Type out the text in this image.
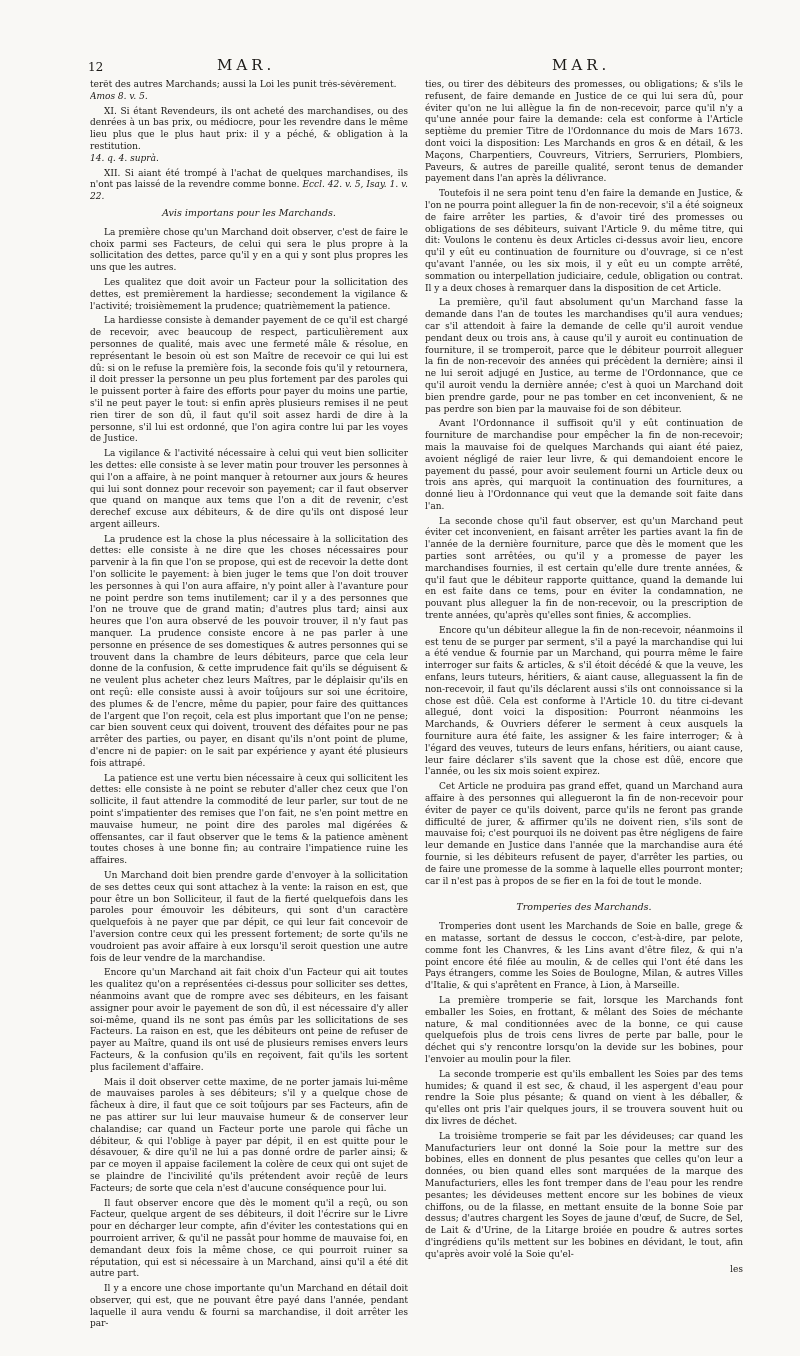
12	MAR.	MAR.

terêt des autres Marchands; aussi la Loi les punit très-sévèrement.
Amos 8. v. 5.

XI. Si étant Revendeurs, ils ont acheté des marchandises, ou des denrées à un bas prix, ou médiocre, pour les revendre dans le même lieu plus que le plus haut prix: il y a péché, & obligation à la restitution.
14. q. 4. suprà.

XII. Si aiant été trompé à l'achat de quelques marchandises, ils n'ont pas laissé de la revendre comme bonne. Eccl. 42. v. 5, Isay. 1. v. 22.

Avis importans pour les Marchands.

La première chose qu'un Marchand doit observer, c'est de faire le choix parmi ses Facteurs, de celui qui sera le plus propre à la sollicitation des dettes, parce qu'il y en a qui y sont plus propres les uns que les autres.

Les qualitez que doit avoir un Facteur pour la sollicitation des dettes, est premièrement la hardiesse; secondement la vigilance & l'activité; troisièmement la prudence; quatrièmement la patience.

La hardiesse consiste à demander payement de ce qu'il est chargé de recevoir, avec beaucoup de respect, particulièrement aux personnes de qualité, mais avec une fermeté mâle & résolue, en représentant le besoin où est son Maître de recevoir ce qui lui est dû: si on le refuse la première fois, la seconde fois qu'il y retournera, il doit presser la personne un peu plus fortement par des paroles qui le puissent porter à faire des efforts pour payer du moins une partie, s'il ne peut payer le tout: si enfin après plusieurs remises il ne peut rien tirer de son dû, il faut qu'il soit assez hardi de dire à la personne, s'il lui est ordonné, que l'on agira contre lui par les voyes de Justice.

La vigilance & l'activité nécessaire à celui qui veut bien solliciter les dettes: elle consiste à se lever matin pour trouver les personnes à qui l'on a affaire, à ne point manquer à retourner aux jours & heures qui lui sont donnez pour recevoir son payement; car il faut observer que quand on manque aux tems que l'on a dit de revenir, c'est derechef excuse aux débiteurs, & de dire qu'ils ont disposé leur argent ailleurs.

La prudence est la chose la plus nécessaire à la sollicitation des dettes: elle consiste à ne dire que les choses nécessaires pour parvenir à la fin que l'on se propose, qui est de recevoir la dette dont l'on sollicite le payement: à bien juger le tems que l'on doit trouver les personnes à qui l'on aura affaire, n'y point aller à l'avanture pour ne point perdre son tems inutilement; car il y a des personnes que l'on ne trouve que de grand matin; d'autres plus tard; ainsi aux heures que l'on aura observé de les pouvoir trouver, il n'y faut pas manquer. La prudence consiste encore à ne pas parler à une personne en présence de ses domestiques & autres personnes qui se trouvent dans la chambre de leurs débiteurs, parce que cela leur donne de la confusion, & cette imprudence fait qu'ils se déguisent & ne veulent plus acheter chez leurs Maîtres, par le déplaisir qu'ils en ont reçû: elle consiste aussi à avoir toûjours sur soi une écritoire, des plumes & de l'encre, même du papier, pour faire des quittances de l'argent que l'on reçoit, cela est plus important que l'on ne pense; car bien souvent ceux qui doivent, trouvent des défaites pour ne pas arrêter des parties, ou payer, en disant qu'ils n'ont point de plume, d'encre ni de papier: on le sait par expérience y ayant été plusieurs fois attrapé.

La patience est une vertu bien nécessaire à ceux qui sollicitent les dettes: elle consiste à ne point se rebuter d'aller chez ceux que l'on sollicite, il faut attendre la commodité de leur parler, sur tout de ne point s'impatienter des remises que l'on fait, ne s'en point mettre en mauvaise humeur, ne point dire des paroles mal digérées & offensantes, car il faut observer que le tems & la patience amènent toutes choses à une bonne fin; au contraire l'impatience ruine les affaires.

Un Marchand doit bien prendre garde d'envoyer à la sollicitation de ses dettes ceux qui sont attachez à la vente: la raison en est, que pour être un bon Solliciteur, il faut de la fierté quelquefois dans les paroles pour émouvoir les débiteurs, qui sont d'un caractère quelquefois à ne payer que par dépit, ce qui leur fait concevoir de l'aversion contre ceux qui les pressent fortement; de sorte qu'ils ne voudroient pas avoir affaire à eux lorsqu'il seroit question une autre fois de leur vendre de la marchandise.

Encore qu'un Marchand ait fait choix d'un Facteur qui ait toutes les qualitez qu'on a représentées ci-dessus pour solliciter ses dettes, néanmoins avant que de rompre avec ses débiteurs, en les faisant assigner pour avoir le payement de son dû, il est nécessaire d'y aller soi-même, quand ils ne sont pas émûs par les sollicitations de ses Facteurs. La raison en est, que les débiteurs ont peine de refuser de payer au Maître, quand ils ont usé de plusieurs remises envers leurs Facteurs, & la confusion qu'ils en reçoivent, fait qu'ils les sortent plus facilement d'affaire.

Mais il doit observer cette maxime, de ne porter jamais lui-même de mauvaises paroles à ses débiteurs; s'il y a quelque chose de fâcheux à dire, il faut que ce soit toûjours par ses Facteurs, afin de ne pas attirer sur lui leur mauvaise humeur & de conserver leur chalandise; car quand un Facteur porte une parole qui fâche un débiteur, & qui l'oblige à payer par dépit, il en est quitte pour le désavouer, & dire qu'il ne lui a pas donné ordre de parler ainsi; & par ce moyen il appaise facilement la colère de ceux qui ont sujet de se plaindre de l'incivilité qu'ils prétendent avoir reçûë de leurs Facteurs; de sorte que cela n'est d'aucune conséquence pour lui.

Il faut observer encore que dès le moment qu'il a reçû, ou son Facteur, quelque argent de ses débiteurs, il doit l'écrire sur le Livre pour en décharger leur compte, afin d'éviter les contestations qui en pourroient arriver, & qu'il ne passât pour homme de mauvaise foi, en demandant deux fois la même chose, ce qui pourroit ruiner sa réputation, qui est si nécessaire à un Marchand, ainsi qu'il a été dit autre part.

Il y a encore une chose importante qu'un Marchand en détail doit observer, qui est, que ne pouvant être payé dans l'année, pendant laquelle il aura vendu & fourni sa marchandise, il doit arrêter les par-

ties, ou tirer des débiteurs des promesses, ou obligations; & s'ils le refusent, de faire demande en Justice de ce qui lui sera dû, pour éviter qu'on ne lui allègue la fin de non-recevoir, parce qu'il n'y a qu'une année pour faire la demande: cela est conforme à l'Article septième du premier Titre de l'Ordonnance du mois de Mars 1673. dont voici la disposition: Les Marchands en gros & en détail, & les Maçons, Charpentiers, Couvreurs, Vitriers, Serruriers, Plombiers, Paveurs, & autres de pareille qualité, seront tenus de demander payement dans l'an après la délivrance.

Toutefois il ne sera point tenu d'en faire la demande en Justice, & l'on ne pourra point alleguer la fin de non-recevoir, s'il a été soigneux de faire arrêter les parties, & d'avoir tiré des promesses ou obligations de ses débiteurs, suivant l'Article 9. du même titre, qui dit: Voulons le contenu ès deux Articles ci-dessus avoir lieu, encore qu'il y eût eu continuation de fourniture ou d'ouvrage, si ce n'est qu'avant l'année, ou les six mois, il y eût eu un compte arrêté, sommation ou interpellation judiciaire, cedule, obligation ou contrat. Il y a deux choses à remarquer dans la disposition de cet Article.

La première, qu'il faut absolument qu'un Marchand fasse la demande dans l'an de toutes les marchandises qu'il aura vendues; car s'il attendoit à faire la demande de celle qu'il auroit vendue pendant deux ou trois ans, à cause qu'il y auroit eu continuation de fourniture, il se tromperoit, parce que le débiteur pourroit alleguer la fin de non-recevoir des années qui précèdent la dernière; ainsi il ne lui seroit adjugé en Justice, au terme de l'Ordonnance, que ce qu'il auroit vendu la dernière année; c'est à quoi un Marchand doit bien prendre garde, pour ne pas tomber en cet inconvenient, & ne pas perdre son bien par la mauvaise foi de son débiteur.

Avant l'Ordonnance il suffisoit qu'il y eût continuation de fourniture de marchandise pour empêcher la fin de non-recevoir; mais la mauvaise foi de quelques Marchands qui aiant été paiez, avoient négligé de raier leur livre, & qui demandoient encore le payement du passé, pour avoir seulement fourni un Article deux ou trois ans après, qui marquoit la continuation des fournitures, a donné lieu à l'Ordonnance qui veut que la demande soit faite dans l'an.

La seconde chose qu'il faut observer, est qu'un Marchand peut éviter cet inconvenient, en faisant arrêter les parties avant la fin de l'année de la dernière fourniture, parce que dès le moment que les parties sont arrêtées, ou qu'il y a promesse de payer les marchandises fournies, il est certain qu'elle dure trente années, & qu'il faut que le débiteur rapporte quittance, quand la demande lui en est faite dans ce tems, pour en éviter la condamnation, ne pouvant plus alleguer la fin de non-recevoir, ou la prescription de trente années, qu'après qu'elles sont finies, & accomplies.

Encore qu'un débiteur allegue la fin de non-recevoir, néanmoins il est tenu de se purger par serment, s'il a payé la marchandise qui lui a été vendue & fournie par un Marchand, qui pourra même le faire interroger sur faits & articles, & s'il étoit décédé & que la veuve, les enfans, leurs tuteurs, héritiers, & aiant cause, alleguassent la fin de non-recevoir, il faut qu'ils déclarent aussi s'ils ont connoissance si la chose est dûë. Cela est conforme à l'Article 10. du titre ci-devant allegué, dont voici la disposition: Pourront néanmoins les Marchands, & Ouvriers déferer le serment à ceux ausquels la fourniture aura été faite, les assigner & les faire interroger; & à l'égard des veuves, tuteurs de leurs enfans, héritiers, ou aiant cause, leur faire déclarer s'ils savent que la chose est dûë, encore que l'année, ou les six mois soient expirez.

Cet Article ne produira pas grand effet, quand un Marchand aura affaire à des personnes qui allegueront la fin de non-recevoir pour éviter de payer ce qu'ils doivent, parce qu'ils ne feront pas grande difficulté de jurer, & affirmer qu'ils ne doivent rien, s'ils sont de mauvaise foi; c'est pourquoi ils ne doivent pas être négligens de faire leur demande en Justice dans l'année que la marchandise aura été fournie, si les débiteurs refusent de payer, d'arrêter les parties, ou de faire une promesse de la somme à laquelle elles pourront monter; car il n'est pas à propos de se fier en la foi de tout le monde.

Tromperies des Marchands.

Tromperies dont usent les Marchands de Soie en balle, grege & en matasse, sortant de dessus le coccon, c'est-à-dire, par pelote, comme font les Chanvres, & les Lins avant d'être filez, & qui n'a point encore été filée au moulin, & de celles qui l'ont été dans les Pays étrangers, comme les Soies de Boulogne, Milan, & autres Villes d'Italie, & qui s'aprêtent en France, à Lion, à Marseille.

La première tromperie se fait, lorsque les Marchands font emballer les Soies, en frottant, & mêlant des Soies de méchante nature, & mal conditionnées avec de la bonne, ce qui cause quelquefois plus de trois cens livres de perte par balle, pour le déchet qui s'y rencontre lorsqu'on la devide sur les bobines, pour l'envoier au moulin pour la filer.

La seconde tromperie est qu'ils emballent les Soies par des tems humides; & quand il est sec, & chaud, il les aspergent d'eau pour rendre la Soie plus pésante; & quand on vient à les déballer, & qu'elles ont pris l'air quelques jours, il se trouvera souvent huit ou dix livres de déchet.

La troisième tromperie se fait par les dévideuses; car quand les Manufacturiers leur ont donné la Soie pour la mettre sur des bobines, elles en donnent de plus pesantes que celles qu'on leur a données, ou bien quand elles sont marquées de la marque des Manufacturiers, elles les font tremper dans de l'eau pour les rendre pesantes; les dévideuses mettent encore sur les bobines de vieux chiffons, ou de la filasse, en mettant ensuite de la bonne Soie par dessus; d'autres chargent les Soyes de jaune d'œuf, de Sucre, de Sel, de Lait & d'Urine, de la Litarge broiée en poudre & autres sortes d'ingrédiens qu'ils mettent sur les bobines en dévidant, le tout, afin qu'après avoir volé la Soie qu'el-

les
